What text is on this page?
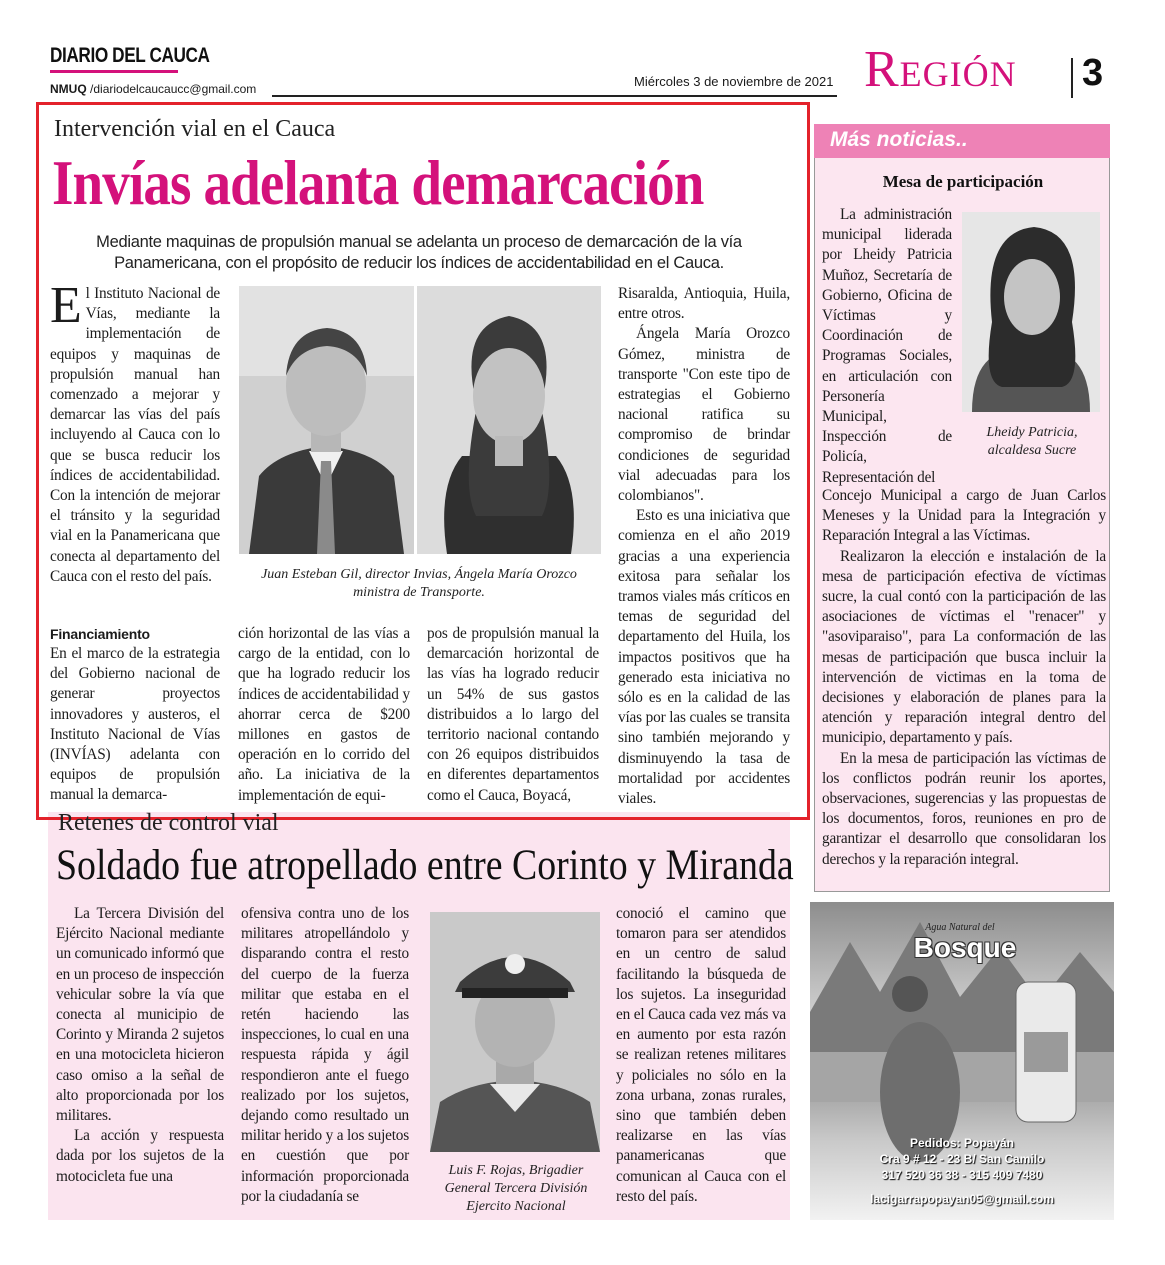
DIARIO DEL CAUCA
NMUQ /diariodelcaucaucc@gmail.com	Miércoles 3 de noviembre de 2021 Región 3
Intervención vial en el Cauca
Invías adelanta demarcación
Mediante maquinas de propulsión manual se adelanta un proceso de demarcación de la vía Panamericana, con el propósito de reducir los índices de accidentabilidad en el Cauca.

El Instituto Nacional de Vías, mediante la implementación de equipos y maquinas de propulsión manual han comenzado a mejorar y demarcar las vías del país incluyendo al Cauca con lo que se busca reducir los índices de accidentabilidad. Con la intención de mejorar el tránsito y la seguridad vial en la Panamericana que conecta al departamento del Cauca con el resto del país.	Juan Esteban Gil, director Invias, Ángela María Orozco ministra de Transporte.
Financiamiento

En el marco de la estrategia del Gobierno nacional de generar proyectos innovadores y austeros, el Instituto Nacional de Vías (INVÍAS) adelanta con equipos de propulsión manual la demarca-

ción horizontal de las vías a cargo de la entidad, con lo que ha logrado reducir los índices de accidentabilidad y ahorrar cerca de $200 millones en gastos de operación en lo corrido del año. La iniciativa de la implementación de equi-

pos de propulsión manual la demarcación horizontal de las vías ha logrado reducir un 54% de sus gastos distribuidos a lo largo del territorio nacional contando con 26 equipos distribuidos en diferentes departamentos como el Cauca, Boyacá,

Risaralda, Antioquia, Huila, entre otros.

Ángela María Orozco Gómez, ministra de transporte "Con este tipo de estrategias el Gobierno nacional ratifica su compromiso de brindar condiciones de seguridad vial adecuadas para los colombianos".

Esto es una iniciativa que comienza en el año 2019 gracias a una experiencia exitosa para señalar los tramos viales más críticos en temas de seguridad del departamento del Huila, los impactos positivos que ha generado esta iniciativa no sólo es en la calidad de las vías por las cuales se transita sino también mejorando y disminuyendo la tasa de mortalidad por accidentes viales.

Retenes de control vial
Soldado fue atropellado entre Corinto y Miranda

La Tercera División del Ejército Nacional mediante un comunicado informó que en un proceso de inspección vehicular sobre la vía que conecta al municipio de Corinto y Miranda 2 sujetos en una motocicleta hicieron caso omiso a la señal de alto proporcionada por los militares.

La acción y respuesta dada por los sujetos de la motocicleta fue una

ofensiva contra uno de los militares atropellándolo y disparando contra el resto del cuerpo de la fuerza militar que estaba en el retén haciendo las inspecciones, lo cual en una respuesta rápida y ágil respondieron ante el fuego realizado por los sujetos, dejando como resultado un militar herido y a los sujetos en cuestión que por información proporcionada por la ciudadanía se

Luis F. Rojas, Brigadier General Tercera División Ejercito Nacional

conoció el camino que tomaron para ser atendidos en un centro de salud facilitando la búsqueda de los sujetos. La inseguridad en el Cauca cada vez más va en aumento por esta razón se realizan retenes militares y policiales no sólo en la zona urbana, zonas rurales, sino que también deben realizarse en las vías panamericanas que comunican al Cauca con el resto del país.

Más noticias..
Mesa de participación

La administración municipal liderada por Lheidy Patricia Muñoz, Secretaría de Gobierno, Oficina de Víctimas y Coordinación de Programas Sociales, en articulación con Personería Municipal, Inspección de Policía, Representación del

Lheidy Patricia, alcaldesa Sucre

Concejo Municipal a cargo de Juan Carlos Meneses y la Unidad para la Integración y Reparación Integral a las Víctimas.

Realizaron la elección e instalación de la mesa de participación efectiva de víctimas sucre, la cual contó con la participación de las asociaciones de víctimas el "renacer" y "asoviparaiso", para La conformación de las mesas de participación que busca incluir la intervención de victimas en la toma de decisiones y elaboración de planes para la atención y reparación integral dentro del municipio, departamento y país.

En la mesa de participación las víctimas de los conflictos podrán reunir los aportes, observaciones, sugerencias y las propuestas de los documentos, foros, reuniones en pro de garantizar el desarrollo que consolidaran los derechos y la reparación integral.

Agua Natural del
Bosque
Pedidos: Popayán
Cra 9 # 12 - 23 B/ San Camilo
317 520 36 38 - 315 409 7480
lacigarrapopayan05@gmail.com
